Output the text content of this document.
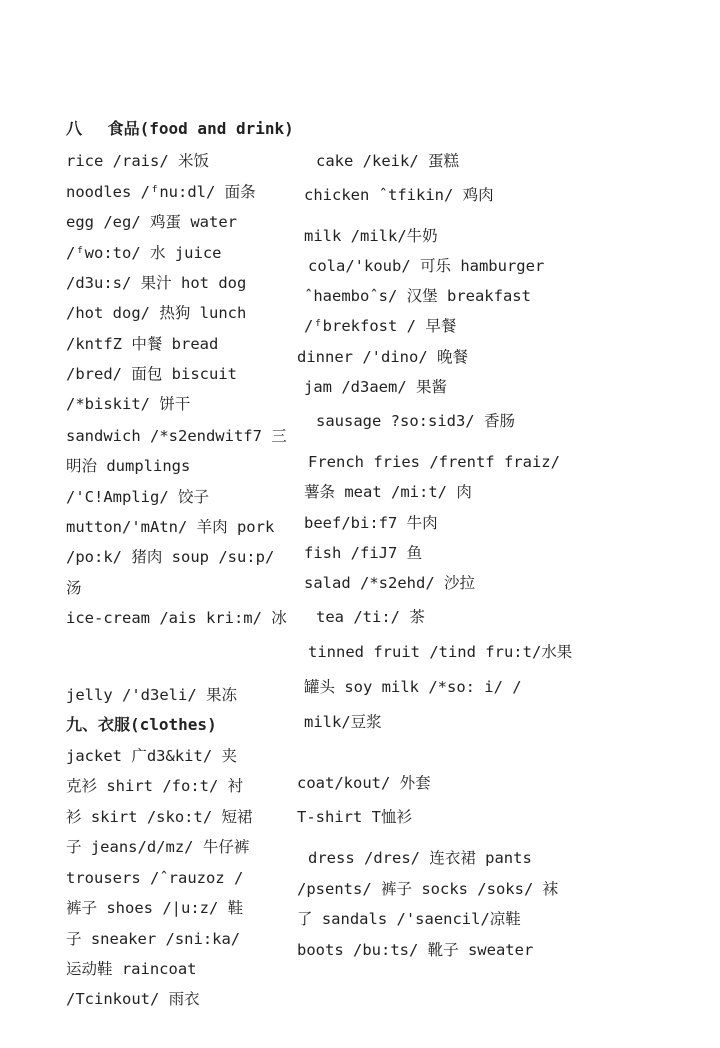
八　 食品(food and drink)
rice /rais/ 米饭
noodles /ᶠnu:dl/ 面条
egg /eg/ 鸡蛋 water
/ᶠwo:to/ 水 juice
/d3u:s/ 果汁 hot dog
/hot dog/ 热狗 lunch
/kntfZ 中餐 bread
/bred/ 面包 biscuit
/*biskit/ 饼干
sandwich /*s2endwitf7 三
明治 dumplings
/'C!Amplig/ 饺子
mutton/'mAtn/ 羊肉 pork
/po:k/ 猪肉 soup /su:p/
汤
ice-cream /ais kri:m/ 冰
jelly /'d3eli/ 果冻
九、衣服(clothes)
jacket 广d3&kit/ 夹
克衫 shirt /fo:t/ 衬
衫 skirt /sko:t/ 短裙
子 jeans/d/mz/ 牛仔裤
trousers /ˆrauzoz /
裤子 shoes /|u:z/ 鞋
子 sneaker /sni:ka/
运动鞋 raincoat
/Tcinkout/ 雨衣
cake /keik/ 蛋糕
chicken ˆtfikin/ 鸡肉
milk /milk/牛奶
cola/'koub/ 可乐 hamburger
ˆhaemboˆs/ 汉堡 breakfast
/ᶠbrekfost / 早餐
dinner /'dino/ 晚餐
jam /d3aem/ 果酱
sausage ?so:sid3/ 香肠
French fries /frentf fraiz/
薯条 meat /mi:t/ 肉
beef/bi:f7 牛肉
fish /fiJ7 鱼
salad /*s2ehd/ 沙拉
tea /ti:/ 茶
tinned fruit /tind fru:t/水果
罐头 soy milk /*so: i/ /
milk/豆浆
coat/kout/ 外套
T-shirt T恤衫
dress /dres/ 连衣裙 pants
/psents/ 裤子 socks /soks/ 袜
了 sandals /'saencil/凉鞋
boots /bu:ts/ 靴子 sweater
